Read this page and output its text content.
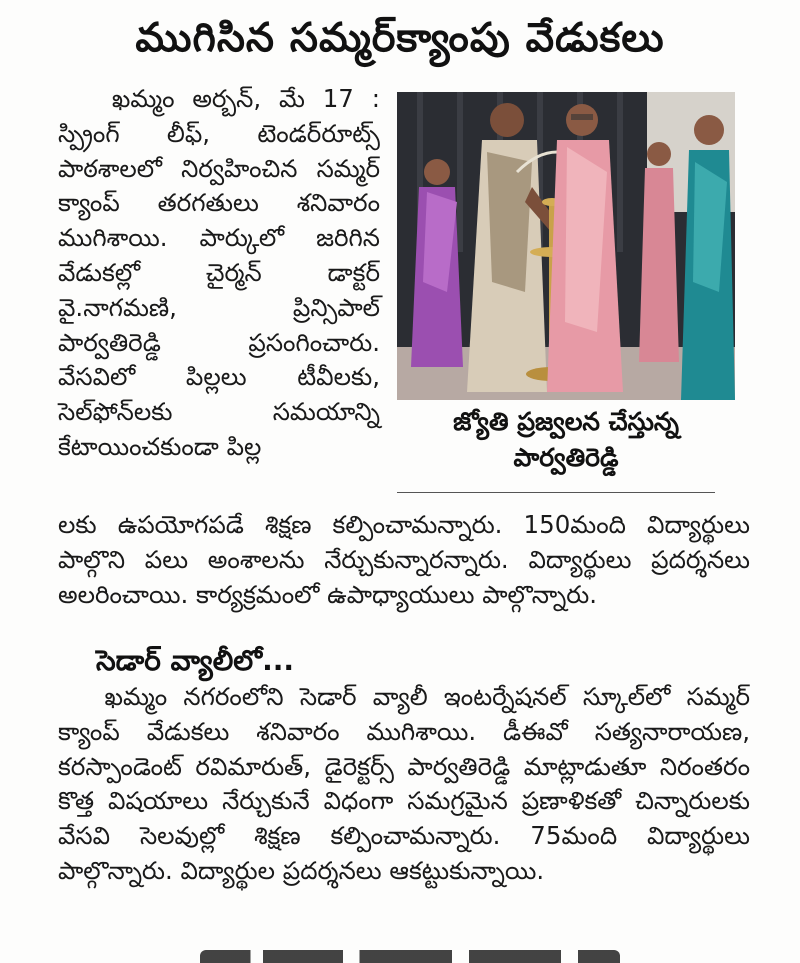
ముగిసిన సమ్మర్‌క్యాంపు వేడుకలు
ఖమ్మం అర్బన్, మే 17 : స్ప్రింగ్ లీఫ్, టెండర్‌రూట్స్ పాఠశాలలో నిర్వహించిన సమ్మర్ క్యాంప్ తరగతులు శనివారం ముగిశాయి. పార్కులో జరిగిన వేడుకల్లో చైర్మన్ డాక్టర్ వై.నాగమణి, ప్రిన్సిపాల్ పార్వతిరెడ్డి ప్రసంగించారు. వేసవిలో పిల్లలు టీవీలకు, సెల్‌ఫోన్‌లకు సమయాన్ని కేటాయించకుండా పిల్ల
జ్యోతి ప్రజ్వలన చేస్తున్న
పార్వతిరెడ్డి
లకు ఉపయోగపడే శిక్షణ కల్పించామన్నారు. 150మంది విద్యార్థులు పాల్గొని పలు అంశాలను నేర్చుకున్నారన్నారు. విద్యార్థులు ప్రదర్శనలు అలరించాయి. కార్యక్రమంలో ఉపాధ్యాయులు పాల్గొన్నారు.
సెడార్ వ్యాలీలో...
ఖమ్మం నగరంలోని సెడార్ వ్యాలీ ఇంటర్నేషనల్ స్కూల్‌లో సమ్మర్ క్యాంప్ వేడుకలు శనివారం ముగిశాయి. డీఈవో సత్యనారాయణ, కరస్పాండెంట్ రవిమారుత్, డైరెక్టర్స్ పార్వతిరెడ్డి మాట్లాడుతూ నిరంతరం కొత్త విషయాలు నేర్చుకునే విధంగా సమగ్రమైన ప్రణాళికతో చిన్నారులకు వేసవి సెలవుల్లో శిక్షణ కల్పించామన్నారు. 75మంది విద్యార్థులు పాల్గొన్నారు. విద్యార్థుల ప్రదర్శనలు ఆకట్టుకున్నాయి.
